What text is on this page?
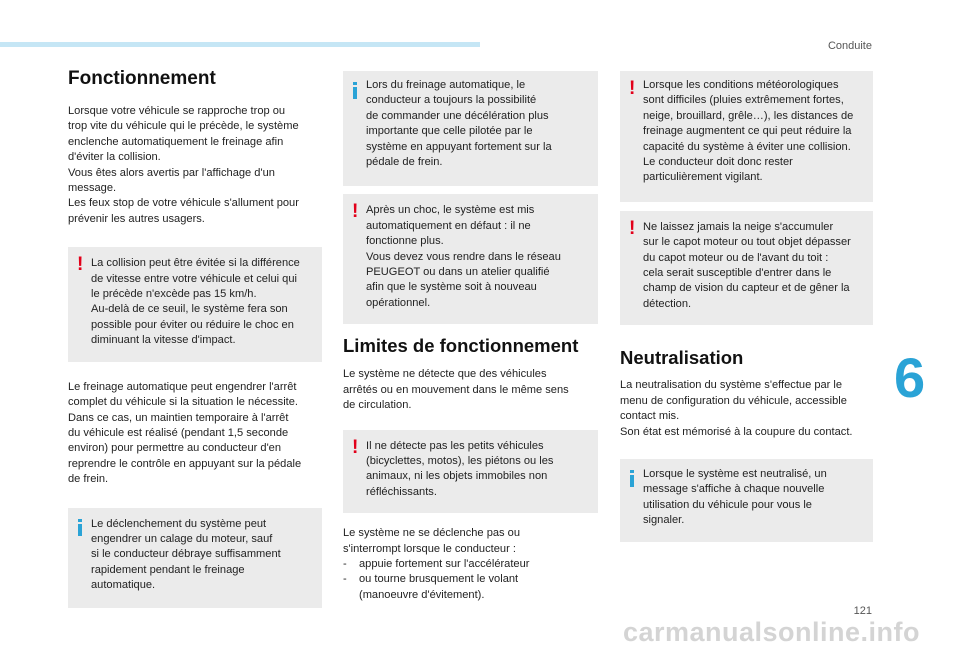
Conduite
6
Fonctionnement

Lorsque votre véhicule se rapproche trop ou
trop vite du véhicule qui le précède, le système
enclenche automatiquement le freinage afin
d'éviter la collision.
Vous êtes alors avertis par l'affichage d'un
message.
Les feux stop de votre véhicule s'allument pour
prévenir les autres usagers.

! La collision peut être évitée si la différence
de vitesse entre votre véhicule et celui qui
le précède n'excède pas 15 km/h.
Au-delà de ce seuil, le système fera son
possible pour éviter ou réduire le choc en
diminuant la vitesse d'impact.

Le freinage automatique peut engendrer l'arrêt
complet du véhicule si la situation le nécessite.
Dans ce cas, un maintien temporaire à l'arrêt
du véhicule est réalisé (pendant 1,5 seconde
environ) pour permettre au conducteur d'en
reprendre le contrôle en appuyant sur la pédale
de frein.

Le déclenchement du système peut
engendrer un calage du moteur, sauf
si le conducteur débraye suffisamment
rapidement pendant le freinage
automatique.

Lors du freinage automatique, le
conducteur a toujours la possibilité
de commander une décélération plus
importante que celle pilotée par le
système en appuyant fortement sur la
pédale de frein.

! Après un choc, le système est mis
automatiquement en défaut : il ne
fonctionne plus.
Vous devez vous rendre dans le réseau
PEUGEOT ou dans un atelier qualifié
afin que le système soit à nouveau
opérationnel.

Limites de fonctionnement

Le système ne détecte que des véhicules
arrêtés ou en mouvement dans le même sens
de circulation.

! Il ne détecte pas les petits véhicules
(bicyclettes, motos), les piétons ou les
animaux, ni les objets immobiles non
réfléchissants.

Le système ne se déclenche pas ou
s'interrompt lorsque le conducteur :

- appuie fortement sur l'accélérateur
- ou tourne brusquement le volant
(manoeuvre d'évitement).
! Lorsque les conditions météorologiques
sont difficiles (pluies extrêmement fortes,
neige, brouillard, grêle…), les distances de
freinage augmentent ce qui peut réduire la
capacité du système à éviter une collision.
Le conducteur doit donc rester
particulièrement vigilant.

! Ne laissez jamais la neige s'accumuler
sur le capot moteur ou tout objet dépasser
du capot moteur ou de l'avant du toit :
cela serait susceptible d'entrer dans le
champ de vision du capteur et de gêner la
détection.

Neutralisation

La neutralisation du système s'effectue par le
menu de configuration du véhicule, accessible
contact mis.
Son état est mémorisé à la coupure du contact.

Lorsque le système est neutralisé, un
message s'affiche à chaque nouvelle
utilisation du véhicule pour vous le
signaler.

121
carmanualsonline.info
